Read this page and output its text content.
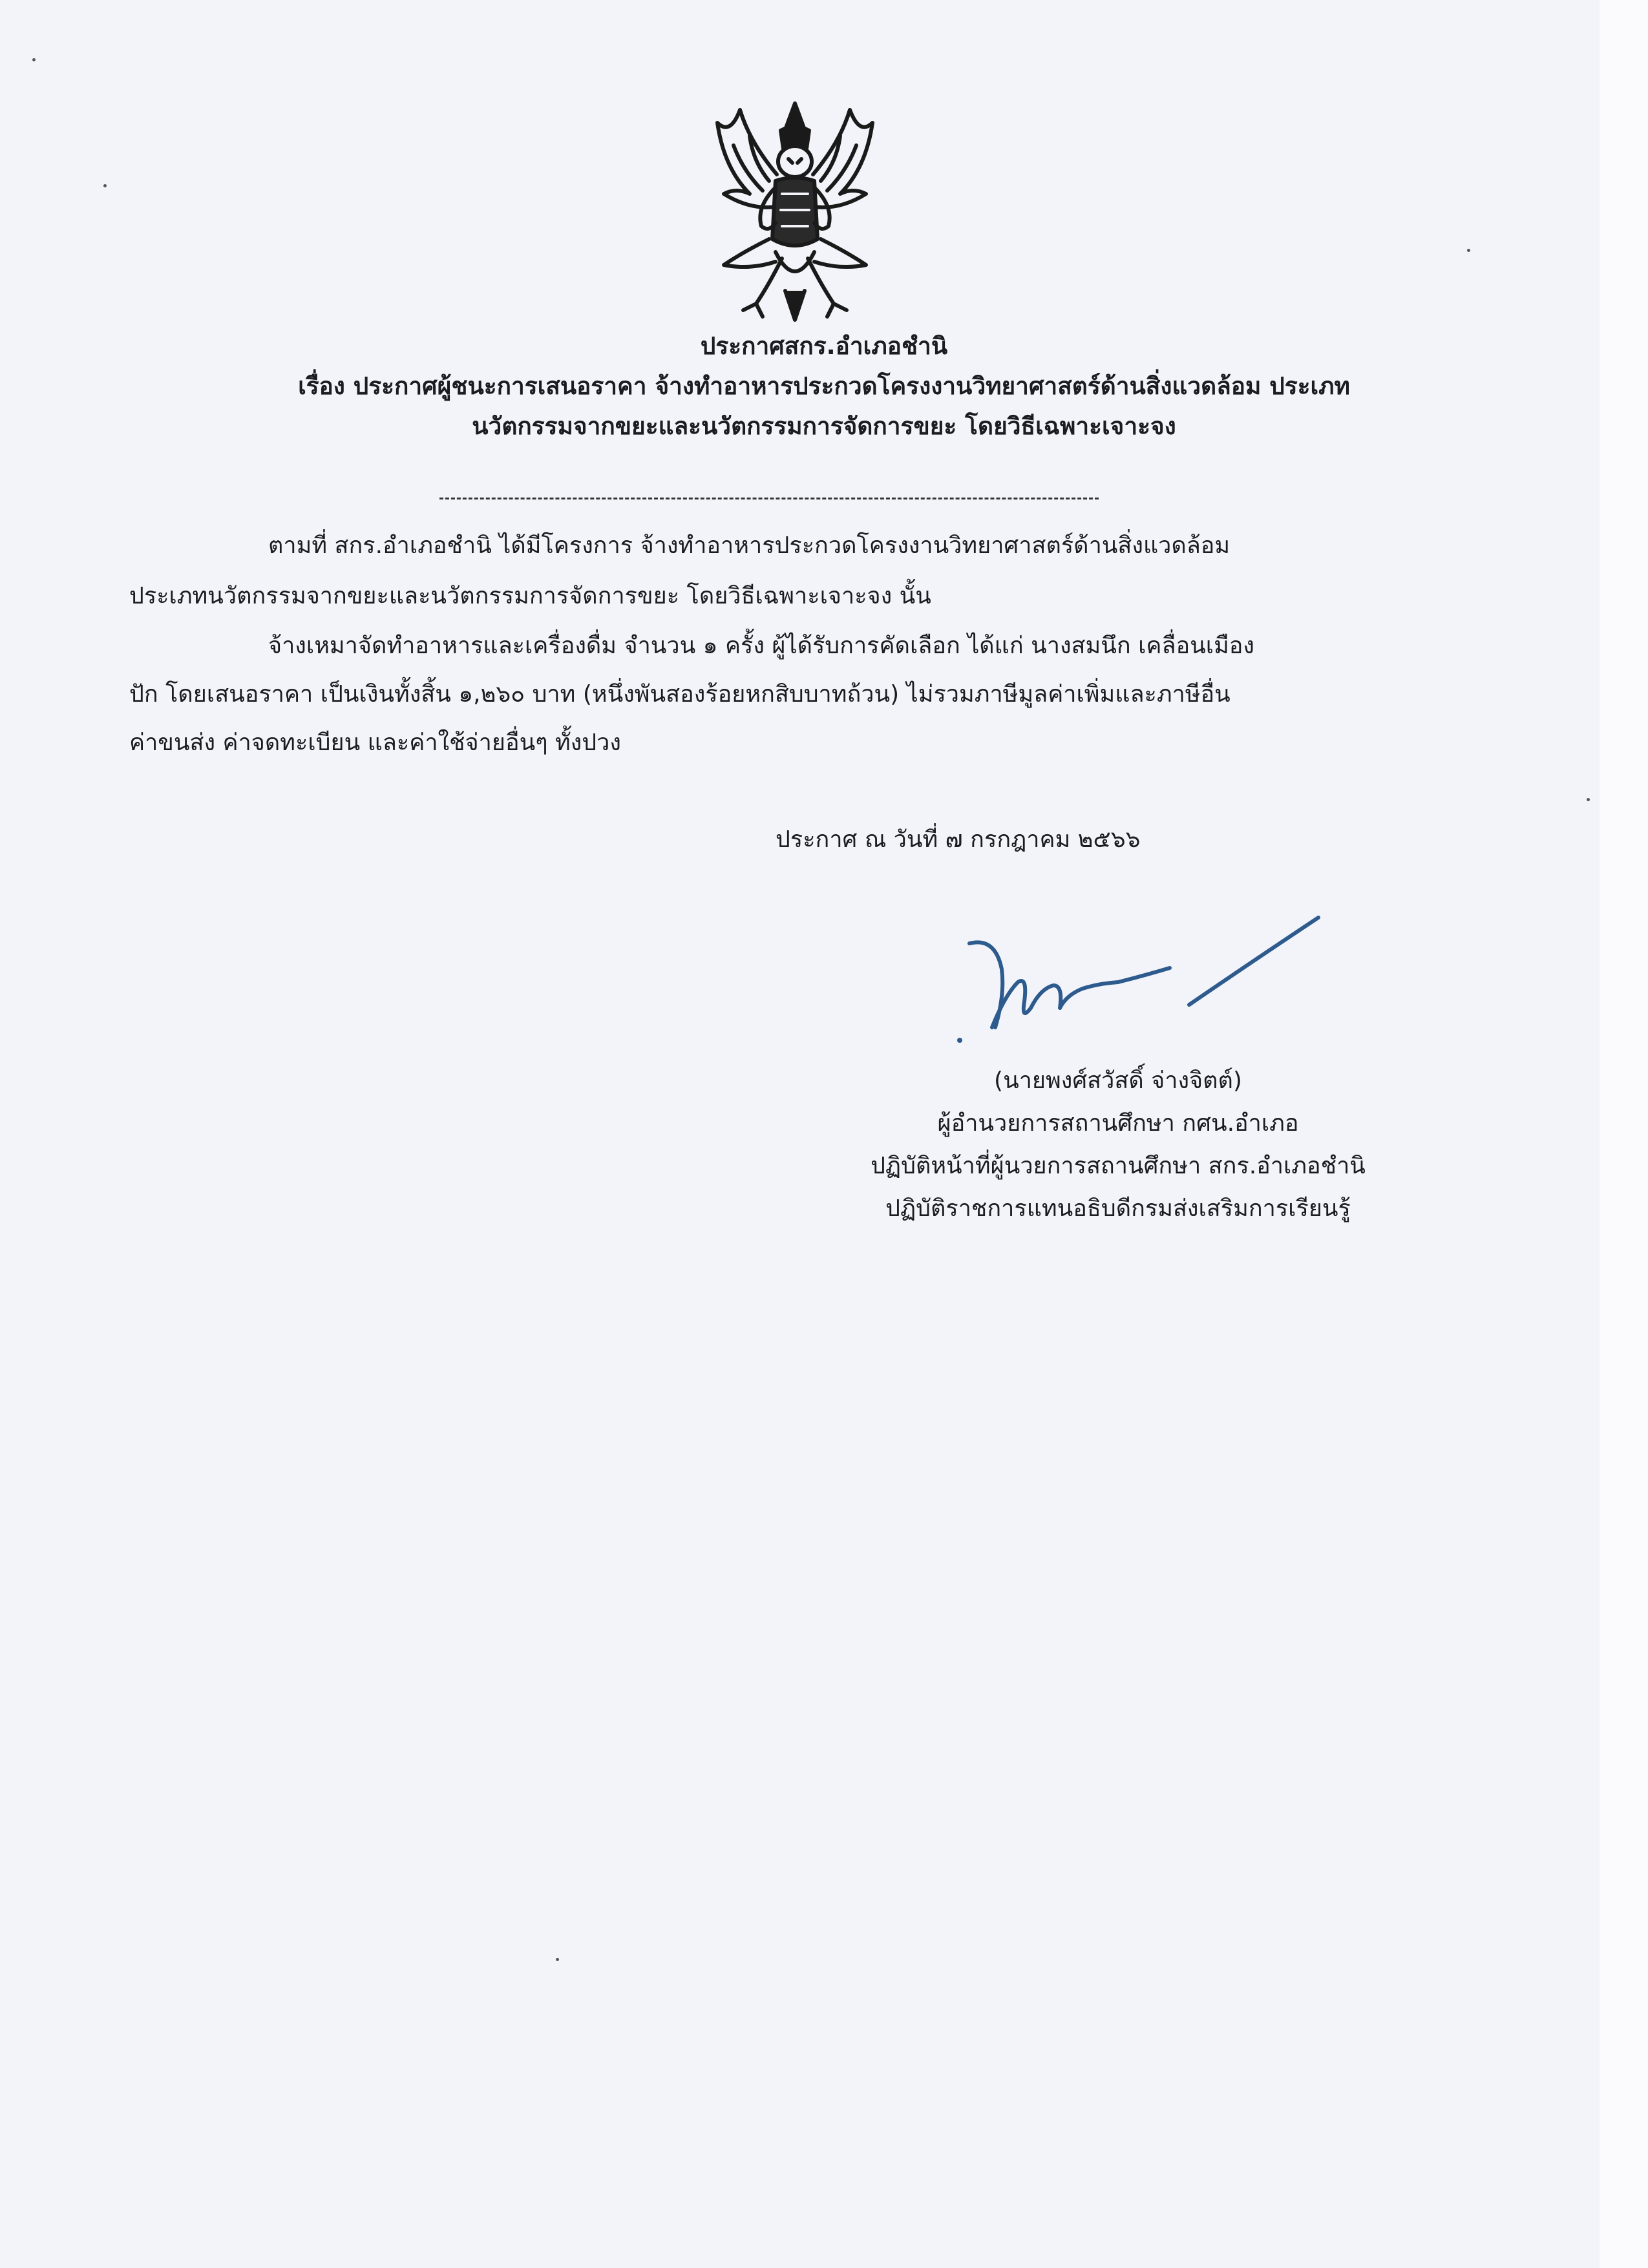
ประกาศสกร.อำเภอชำนิ
เรื่อง ประกาศผู้ชนะการเสนอราคา จ้างทำอาหารประกวดโครงงานวิทยาศาสตร์ด้านสิ่งแวดล้อม ประเภท
นวัตกรรมจากขยะและนวัตกรรมการจัดการขยะ โดยวิธีเฉพาะเจาะจง
ตามที่ สกร.อำเภอชำนิ ได้มีโครงการ จ้างทำอาหารประกวดโครงงานวิทยาศาสตร์ด้านสิ่งแวดล้อม
ประเภทนวัตกรรมจากขยะและนวัตกรรมการจัดการขยะ โดยวิธีเฉพาะเจาะจง นั้น
จ้างเหมาจัดทำอาหารและเครื่องดื่ม จำนวน ๑ ครั้ง ผู้ได้รับการคัดเลือก ได้แก่ นางสมนึก เคลื่อนเมือง
ปัก โดยเสนอราคา เป็นเงินทั้งสิ้น ๑,๒๖๐ บาท (หนึ่งพันสองร้อยหกสิบบาทถ้วน) ไม่รวมภาษีมูลค่าเพิ่มและภาษีอื่น
ค่าขนส่ง ค่าจดทะเบียน และค่าใช้จ่ายอื่นๆ ทั้งปวง
ประกาศ ณ วันที่ ๗ กรกฎาคม ๒๕๖๖
(นายพงศ์สวัสดิ์ จ่างจิตต์)
ผู้อำนวยการสถานศึกษา กศน.อำเภอ
ปฏิบัติหน้าที่ผู้นวยการสถานศึกษา สกร.อำเภอชำนิ
ปฏิบัติราชการแทนอธิบดีกรมส่งเสริมการเรียนรู้
